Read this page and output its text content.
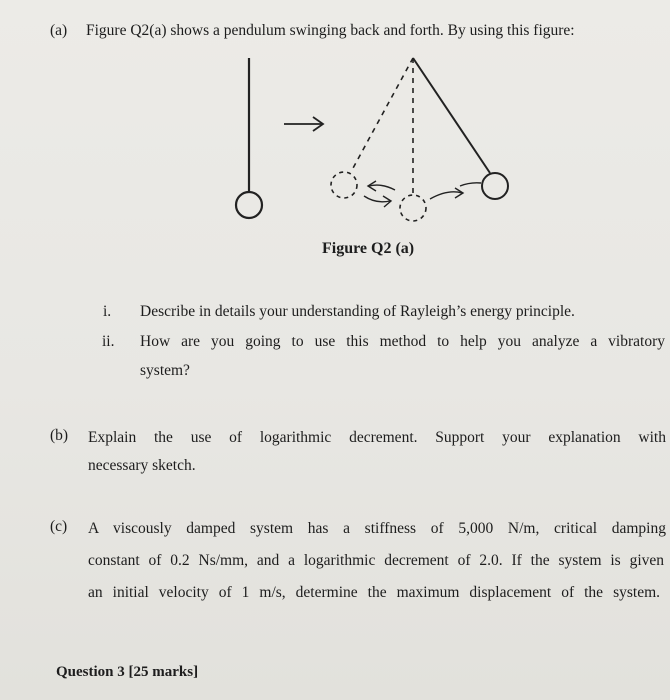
(a) Figure Q2(a) shows a pendulum swinging back and forth. By using this figure:
Figure Q2 (a)
i. Describe in details your understanding of Rayleigh’s energy principle.
ii. How are you going to use this method to help you analyze a vibratory
system?
(b) Explain the use of logarithmic decrement. Support your explanation with
necessary sketch.
(c) A viscously damped system has a stiffness of 5,000 N/m, critical damping
constant of 0.2 Ns/mm, and a logarithmic decrement of 2.0. If the system is given
an initial velocity of 1 m/s, determine the maximum displacement of the system.
Question 3 [25 marks]
